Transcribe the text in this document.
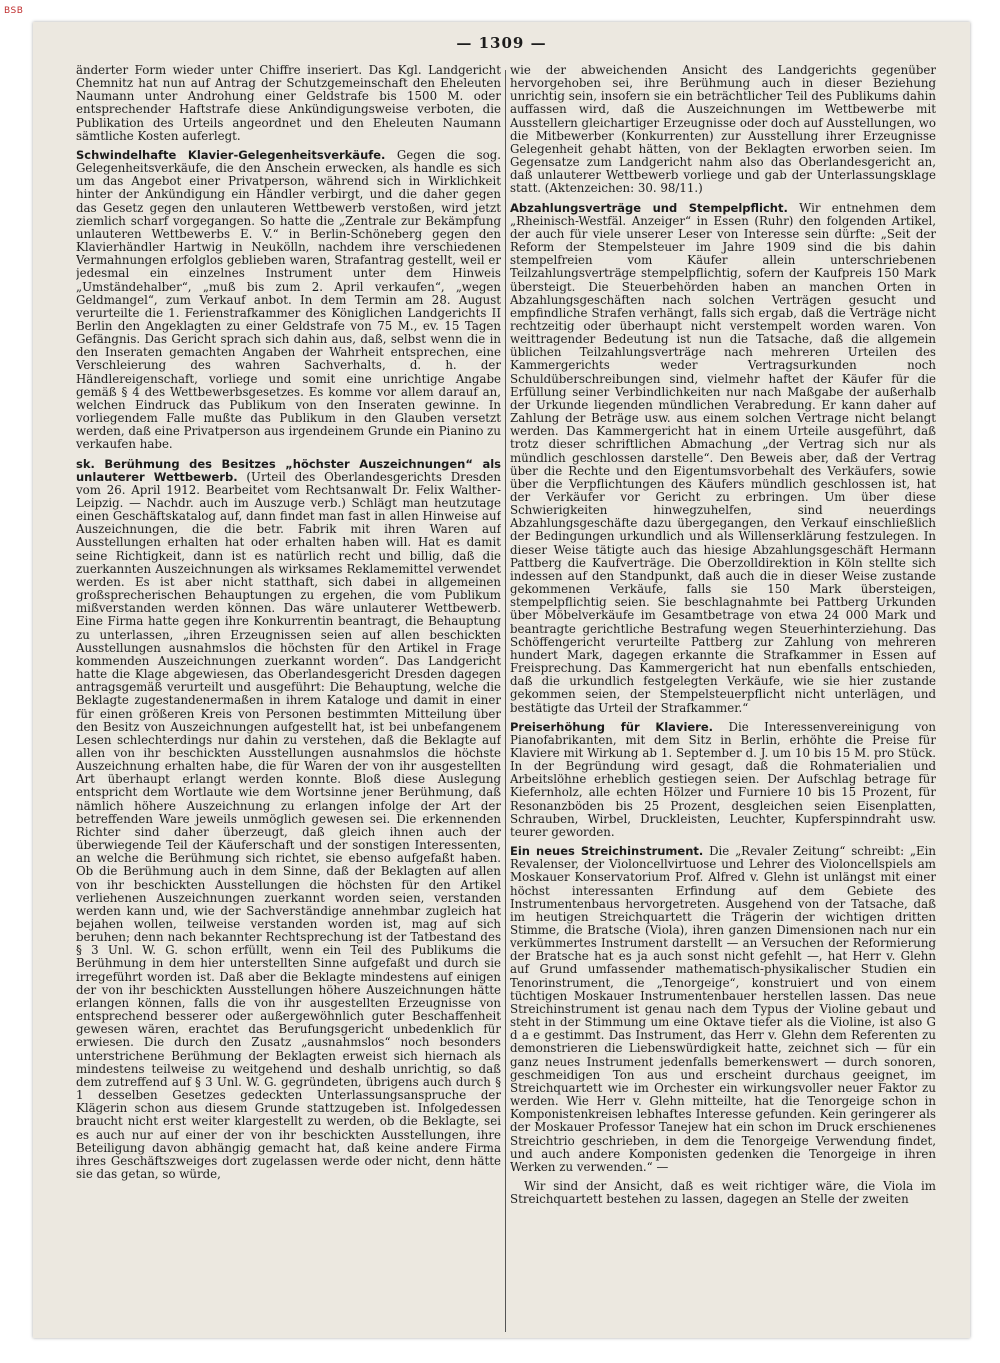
BSB
— 1309 —

änderter Form wieder unter Chiffre inseriert. Das Kgl. Landgericht Chemnitz hat nun auf Antrag der Schutzgemeinschaft den Eheleuten Naumann unter Androhung einer Geldstrafe bis 1500 M. oder entsprechender Haftstrafe diese Ankündigungsweise verboten, die Publikation des Urteils angeordnet und den Eheleuten Naumann sämtliche Kosten auferlegt.

Schwindelhafte Klavier-Gelegenheitsverkäufe. Gegen die sog. Gelegenheitsverkäufe, die den Anschein erwecken, als handle es sich um das Angebot einer Privatperson, während sich in Wirklichkeit hinter der Ankündigung ein Händler verbirgt, und die daher gegen das Gesetz gegen den unlauteren Wettbewerb verstoßen, wird jetzt ziemlich scharf vorgegangen. So hatte die „Zentrale zur Bekämpfung unlauteren Wettbewerbs E. V.“ in Berlin-Schöneberg gegen den Klavierhändler Hartwig in Neukölln, nachdem ihre verschiedenen Vermahnungen erfolglos geblieben waren, Strafantrag gestellt, weil er jedesmal ein einzelnes Instrument unter dem Hinweis „Umständehalber“, „muß bis zum 2. April verkaufen“, „wegen Geldmangel“, zum Verkauf anbot. In dem Termin am 28. August verurteilte die 1. Ferienstrafkammer des Königlichen Landgerichts II Berlin den Angeklagten zu einer Geldstrafe von 75 M., ev. 15 Tagen Gefängnis. Das Gericht sprach sich dahin aus, daß, selbst wenn die in den Inseraten gemachten Angaben der Wahrheit entsprechen, eine Verschleierung des wahren Sachverhalts, d. h. der Händlereigenschaft, vorliege und somit eine unrichtige Angabe gemäß § 4 des Wettbewerbsgesetzes. Es komme vor allem darauf an, welchen Eindruck das Publikum von den Inseraten gewinne. In vorliegendem Falle mußte das Publikum in den Glauben versetzt werden, daß eine Privatperson aus irgendeinem Grunde ein Pianino zu verkaufen habe.

sk. Berühmung des Besitzes „höchster Auszeichnungen“ als unlauterer Wettbewerb. (Urteil des Oberlandesgerichts Dresden vom 26. April 1912. Bearbeitet vom Rechtsanwalt Dr. Felix Walther-Leipzig. — Nachdr. auch im Auszuge verb.) Schlägt man heutzutage einen Geschäftskatalog auf, dann findet man fast in allen Hinweise auf Auszeichnungen, die die betr. Fabrik mit ihren Waren auf Ausstellungen erhalten hat oder erhalten haben will. Hat es damit seine Richtigkeit, dann ist es natürlich recht und billig, daß die zuerkannten Auszeichnungen als wirksames Reklamemittel verwendet werden. Es ist aber nicht statthaft, sich dabei in allgemeinen großsprecherischen Behauptungen zu ergehen, die vom Publikum mißverstanden werden können. Das wäre unlauterer Wettbewerb. Eine Firma hatte gegen ihre Konkurrentin beantragt, die Behauptung zu unterlassen, „ihren Erzeugnissen seien auf allen beschickten Ausstellungen ausnahmslos die höchsten für den Artikel in Frage kommenden Auszeichnungen zuerkannt worden“. Das Landgericht hatte die Klage abgewiesen, das Oberlandesgericht Dresden dagegen antragsgemäß verurteilt und ausgeführt: Die Behauptung, welche die Beklagte zugestandenermaßen in ihrem Kataloge und damit in einer für einen größeren Kreis von Personen bestimmten Mitteilung über den Besitz von Auszeichnungen aufgestellt hat, ist bei unbefangenem Lesen schlechterdings nur dahin zu verstehen, daß die Beklagte auf allen von ihr beschickten Ausstellungen ausnahmslos die höchste Auszeichnung erhalten habe, die für Waren der von ihr ausgestellten Art überhaupt erlangt werden konnte. Bloß diese Auslegung entspricht dem Wortlaute wie dem Wortsinne jener Berühmung, daß nämlich höhere Auszeichnung zu erlangen infolge der Art der betreffenden Ware jeweils unmöglich gewesen sei. Die erkennenden Richter sind daher überzeugt, daß gleich ihnen auch der überwiegende Teil der Käuferschaft und der sonstigen Interessenten, an welche die Berühmung sich richtet, sie ebenso aufgefaßt haben. Ob die Berühmung auch in dem Sinne, daß der Beklagten auf allen von ihr beschickten Ausstellungen die höchsten für den Artikel verliehenen Auszeichnungen zuerkannt worden seien, verstanden werden kann und, wie der Sachverständige annehmbar zugleich hat bejahen wollen, teilweise verstanden worden ist, mag auf sich beruhen; denn nach bekannter Rechtsprechung ist der Tatbestand des § 3 Unl. W. G. schon erfüllt, wenn ein Teil des Publikums die Berühmung in dem hier unterstellten Sinne aufgefaßt und durch sie irregeführt worden ist. Daß aber die Beklagte mindestens auf einigen der von ihr beschickten Ausstellungen höhere Auszeichnungen hätte erlangen können, falls die von ihr ausgestellten Erzeugnisse von entsprechend besserer oder außergewöhnlich guter Beschaffenheit gewesen wären, erachtet das Berufungsgericht unbedenklich für erwiesen. Die durch den Zusatz „ausnahmslos“ noch besonders unterstrichene Berühmung der Beklagten erweist sich hiernach als mindestens teilweise zu weitgehend und deshalb unrichtig, so daß dem zutreffend auf § 3 Unl. W. G. gegründeten, übrigens auch durch § 1 desselben Gesetzes gedeckten Unterlassungsanspruche der Klägerin schon aus diesem Grunde stattzugeben ist. Infolgedessen braucht nicht erst weiter klargestellt zu werden, ob die Beklagte, sei es auch nur auf einer der von ihr beschickten Ausstellungen, ihre Beteiligung davon abhängig gemacht hat, daß keine andere Firma ihres Geschäftszweiges dort zugelassen werde oder nicht, denn hätte sie das getan, so würde,

wie der abweichenden Ansicht des Landgerichts gegenüber hervorgehoben sei, ihre Berühmung auch in dieser Beziehung unrichtig sein, insofern sie ein beträchtlicher Teil des Publikums dahin auffassen wird, daß die Auszeichnungen im Wettbewerbe mit Ausstellern gleichartiger Erzeugnisse oder doch auf Ausstellungen, wo die Mitbewerber (Konkurrenten) zur Ausstellung ihrer Erzeugnisse Gelegenheit gehabt hätten, von der Beklagten erworben seien. Im Gegensatze zum Landgericht nahm also das Oberlandesgericht an, daß unlauterer Wettbewerb vorliege und gab der Unterlassungsklage statt. (Aktenzeichen: 30. 98/11.)

Abzahlungsverträge und Stempelpflicht. Wir entnehmen dem „Rheinisch-Westfäl. Anzeiger“ in Essen (Ruhr) den folgenden Artikel, der auch für viele unserer Leser von Interesse sein dürfte: „Seit der Reform der Stempelsteuer im Jahre 1909 sind die bis dahin stempelfreien vom Käufer allein unterschriebenen Teilzahlungsverträge stempelpflichtig, sofern der Kaufpreis 150 Mark übersteigt. Die Steuerbehörden haben an manchen Orten in Abzahlungsgeschäften nach solchen Verträgen gesucht und empfindliche Strafen verhängt, falls sich ergab, daß die Verträge nicht rechtzeitig oder überhaupt nicht verstempelt worden waren. Von weittragender Bedeutung ist nun die Tatsache, daß die allgemein üblichen Teilzahlungsverträge nach mehreren Urteilen des Kammergerichts weder Vertragsurkunden noch Schuldüberschreibungen sind, vielmehr haftet der Käufer für die Erfüllung seiner Verbindlichkeiten nur nach Maßgabe der außerhalb der Urkunde liegenden mündlichen Verabredung. Er kann daher auf Zahlung der Beträge usw. aus einem solchen Vertrage nicht belangt werden. Das Kammergericht hat in einem Urteile ausgeführt, daß trotz dieser schriftlichen Abmachung „der Vertrag sich nur als mündlich geschlossen darstelle“. Den Beweis aber, daß der Vertrag über die Rechte und den Eigentumsvorbehalt des Verkäufers, sowie über die Verpflichtungen des Käufers mündlich geschlossen ist, hat der Verkäufer vor Gericht zu erbringen. Um über diese Schwierigkeiten hinwegzuhelfen, sind neuerdings Abzahlungsgeschäfte dazu übergegangen, den Verkauf einschließlich der Bedingungen urkundlich und als Willenserklärung festzulegen. In dieser Weise tätigte auch das hiesige Abzahlungsgeschäft Hermann Pattberg die Kaufverträge. Die Oberzolldirektion in Köln stellte sich indessen auf den Standpunkt, daß auch die in dieser Weise zustande gekommenen Verkäufe, falls sie 150 Mark übersteigen, stempelpflichtig seien. Sie beschlagnahmte bei Pattberg Urkunden über Möbelverkäufe im Gesamtbetrage von etwa 24 000 Mark und beantragte gerichtliche Bestrafung wegen Steuerhinterziehung. Das Schöffengericht verurteilte Pattberg zur Zahlung von mehreren hundert Mark, dagegen erkannte die Strafkammer in Essen auf Freisprechung. Das Kammergericht hat nun ebenfalls entschieden, daß die urkundlich festgelegten Verkäufe, wie sie hier zustande gekommen seien, der Stempelsteuerpflicht nicht unterlägen, und bestätigte das Urteil der Strafkammer.“

Preiserhöhung für Klaviere. Die Interessenvereinigung von Pianofabrikanten, mit dem Sitz in Berlin, erhöhte die Preise für Klaviere mit Wirkung ab 1. September d. J. um 10 bis 15 M. pro Stück. In der Begründung wird gesagt, daß die Rohmaterialien und Arbeitslöhne erheblich gestiegen seien. Der Aufschlag betrage für Kiefernholz, alle echten Hölzer und Furniere 10 bis 15 Prozent, für Resonanzböden bis 25 Prozent, desgleichen seien Eisenplatten, Schrauben, Wirbel, Druckleisten, Leuchter, Kupferspinndraht usw. teurer geworden.

Ein neues Streichinstrument. Die „Revaler Zeitung“ schreibt: „Ein Revalenser, der Violoncellvirtuose und Lehrer des Violoncellspiels am Moskauer Konservatorium Prof. Alfred v. Glehn ist unlängst mit einer höchst interessanten Erfindung auf dem Gebiete des Instrumentenbaus hervorgetreten. Ausgehend von der Tatsache, daß im heutigen Streichquartett die Trägerin der wichtigen dritten Stimme, die Bratsche (Viola), ihren ganzen Dimensionen nach nur ein verkümmertes Instrument darstellt — an Versuchen der Reformierung der Bratsche hat es ja auch sonst nicht gefehlt —, hat Herr v. Glehn auf Grund umfassender mathematisch-physikalischer Studien ein Tenorinstrument, die „Tenorgeige“, konstruiert und von einem tüchtigen Moskauer Instrumentenbauer herstellen lassen. Das neue Streichinstrument ist genau nach dem Typus der Violine gebaut und steht in der Stimmung um eine Oktave tiefer als die Violine, ist also G d a e gestimmt. Das Instrument, das Herr v. Glehn dem Referenten zu demonstrieren die Liebenswürdigkeit hatte, zeichnet sich — für ein ganz neues Instrument jedenfalls bemerkenswert — durch sonoren, geschmeidigen Ton aus und erscheint durchaus geeignet, im Streichquartett wie im Orchester ein wirkungsvoller neuer Faktor zu werden. Wie Herr v. Glehn mitteilte, hat die Tenorgeige schon in Komponistenkreisen lebhaftes Interesse gefunden. Kein geringerer als der Moskauer Professor Tanejew hat ein schon im Druck erschienenes Streichtrio geschrieben, in dem die Tenorgeige Verwendung findet, und auch andere Komponisten gedenken die Tenorgeige in ihren Werken zu verwenden.“ —

Wir sind der Ansicht, daß es weit richtiger wäre, die Viola im Streichquartett bestehen zu lassen, dagegen an Stelle der zweiten
